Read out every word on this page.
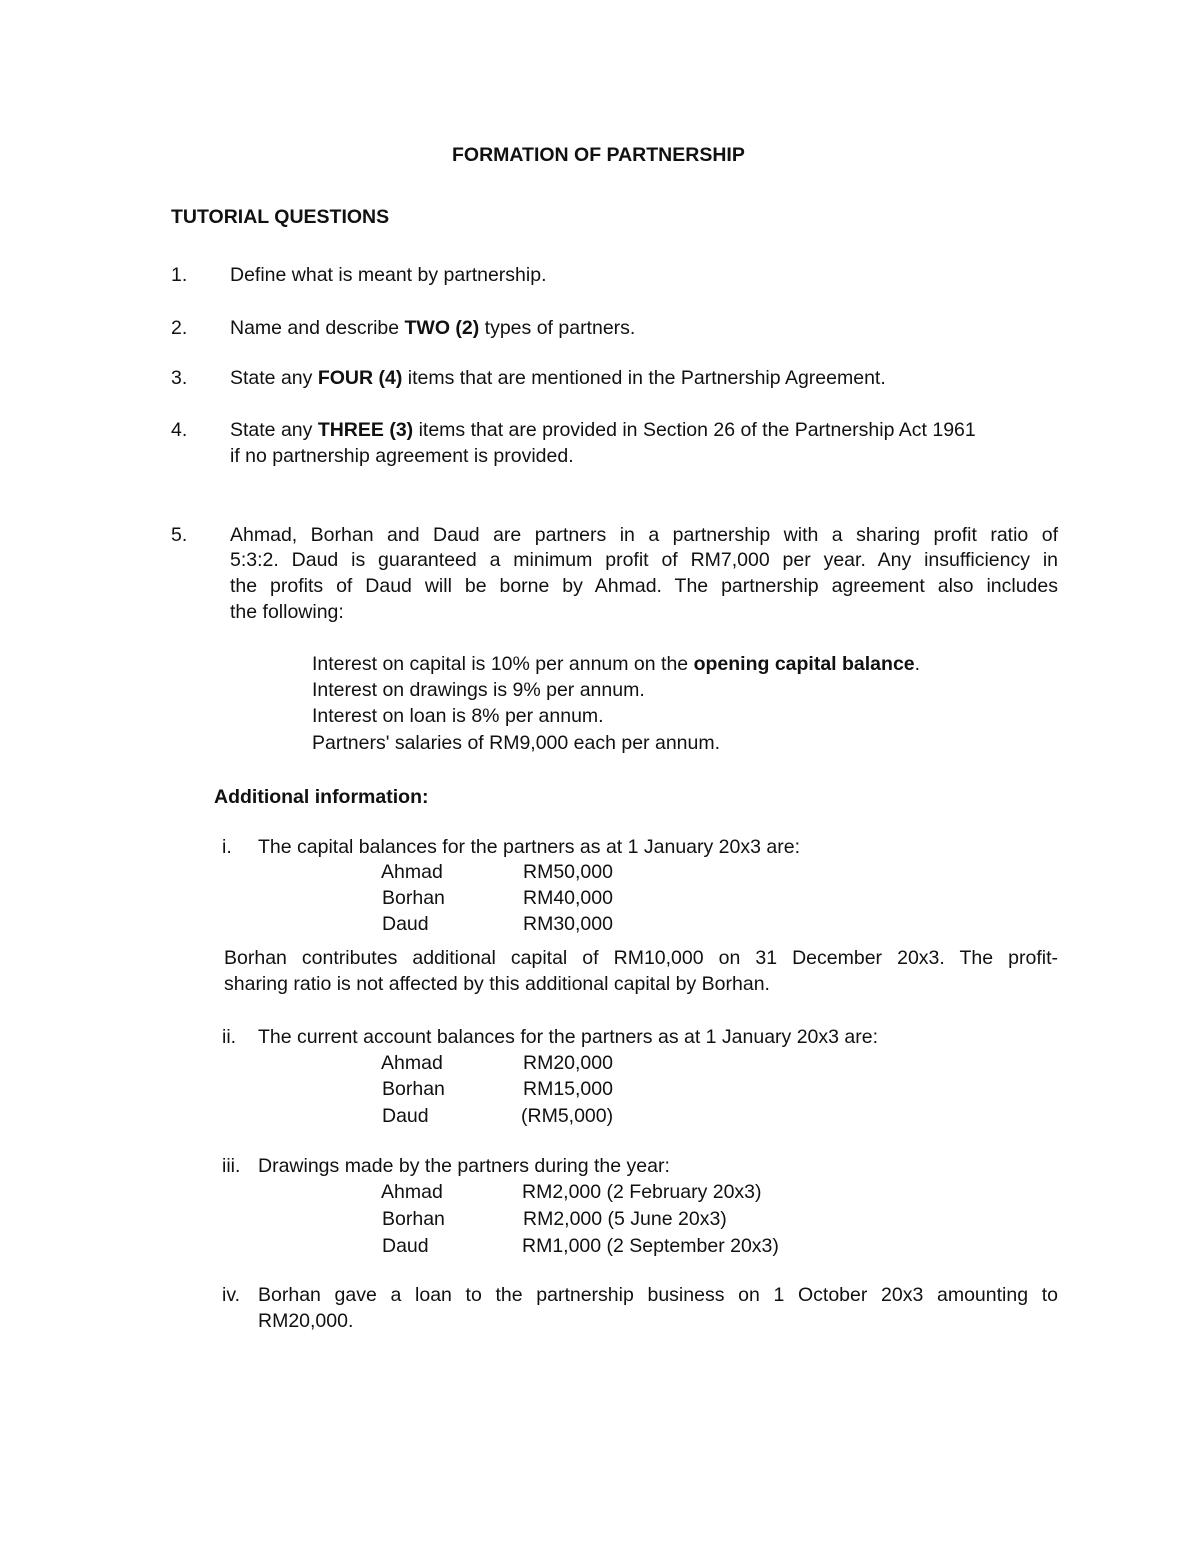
FORMATION OF PARTNERSHIP
TUTORIAL QUESTIONS
1. Define what is meant by partnership.
2. Name and describe TWO (2) types of partners.
3. State any FOUR (4) items that are mentioned in the Partnership Agreement.
4. State any THREE (3) items that are provided in Section 26 of the Partnership Act 1961
if no partnership agreement is provided.
5. Ahmad, Borhan and Daud are partners in a partnership with a sharing profit ratio of
5:3:2. Daud is guaranteed a minimum profit of RM7,000 per year. Any insufficiency in
the profits of Daud will be borne by Ahmad. The partnership agreement also includes
the following:
Interest on capital is 10% per annum on the opening capital balance.
Interest on drawings is 9% per annum.
Interest on loan is 8% per annum.
Partners' salaries of RM9,000 each per annum.
Additional information:
i. The capital balances for the partners as at 1 January 20x3 are:
Ahmad	RM50,000
Borhan	RM40,000
Daud	RM30,000
Borhan contributes additional capital of RM10,000 on 31 December 20x3. The profit-
sharing ratio is not affected by this additional capital by Borhan.
ii. The current account balances for the partners as at 1 January 20x3 are:
Ahmad	RM20,000
Borhan	RM15,000
Daud	(RM5,000)
iii. Drawings made by the partners during the year:
Ahmad	RM2,000 (2 February 20x3)
Borhan	RM2,000 (5 June 20x3)
Daud	RM1,000 (2 September 20x3)
iv. Borhan gave a loan to the partnership business on 1 October 20x3 amounting to
RM20,000.
